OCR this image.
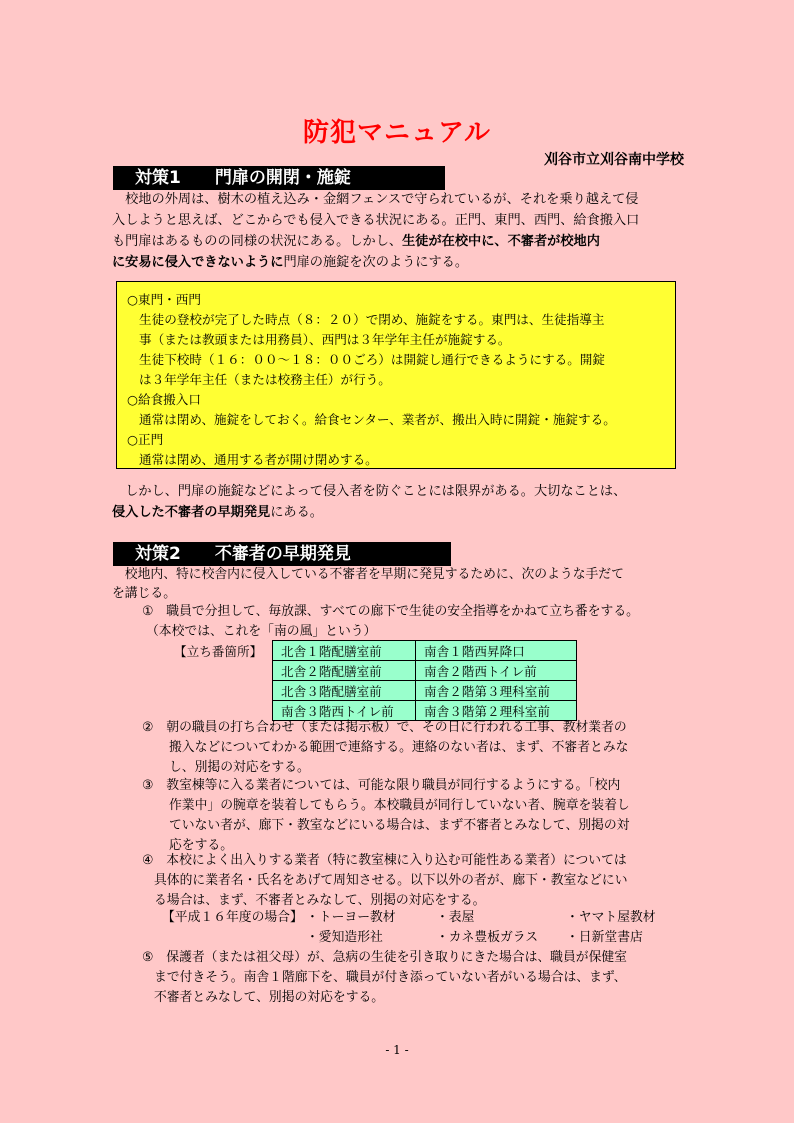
防犯マニュアル
刈谷市立刈谷南中学校
対策1　　門扉の開閉・施錠
　校地の外周は、樹木の植え込み・金網フェンスで守られているが、それを乗り越えて侵
入しようと思えば、どこからでも侵入できる状況にある。正門、東門、西門、給食搬入口
も門扉はあるものの同様の状況にある。しかし、生徒が在校中に、不審者が校地内
に安易に侵入できないように門扉の施錠を次のようにする。
○東門・西門
生徒の登校が完了した時点（８：２０）で閉め、施錠をする。東門は、生徒指導主
事（または教頭または用務員）、西門は３年学年主任が施錠する。
生徒下校時（１６：００～１８：００ごろ）は開錠し通行できるようにする。開錠
は３年学年主任（または校務主任）が行う。
○給食搬入口
通常は閉め、施錠をしておく。給食センター、業者が、搬出入時に開錠・施錠する。
○正門
通常は閉め、通用する者が開け閉めする。
　しかし、門扉の施錠などによって侵入者を防ぐことには限界がある。大切なことは、
侵入した不審者の早期発見にある。
対策2　　不審者の早期発見
　校地内、特に校舎内に侵入している不審者を早期に発見するために、次のような手だて
を講じる。
①　職員で分担して、毎放課、すべての廊下で生徒の安全指導をかねて立ち番をする。
（本校では、これを「南の風」という）
【立ち番箇所】 北舎１階配膳室前	南舎１階西昇降口
北舎２階配膳室前	南舎２階西トイレ前
北舎３階配膳室前	南舎２階第３理科室前
南舎３階西トイレ前	南舎３階第２理科室前
②　朝の職員の打ち合わせ（または掲示板）で、その日に行われる工事、教材業者の
搬入などについてわかる範囲で連絡する。連絡のない者は、まず、不審者とみな
し、別掲の対応をする。
③　教室棟等に入る業者については、可能な限り職員が同行するようにする。「校内
作業中」の腕章を装着してもらう。本校職員が同行していない者、腕章を装着し
ていない者が、廊下・教室などにいる場合は、まず不審者とみなして、別掲の対
応をする。
④　本校によく出入りする業者（特に教室棟に入り込む可能性ある業者）については
具体的に業者名・氏名をあげて周知させる。以下以外の者が、廊下・教室などにい
る場合は、まず、不審者とみなして、別掲の対応をする。
【平成１６年度の場合】 ・トーヨー教材	・表屋	・ヤマト屋教材
・愛知造形社	・カネ豊板ガラス ・日新堂書店
⑤　保護者（または祖父母）が、急病の生徒を引き取りにきた場合は、職員が保健室
まで付きそう。南舎１階廊下を、職員が付き添っていない者がいる場合は、まず、
不審者とみなして、別掲の対応をする。
- 1 -
